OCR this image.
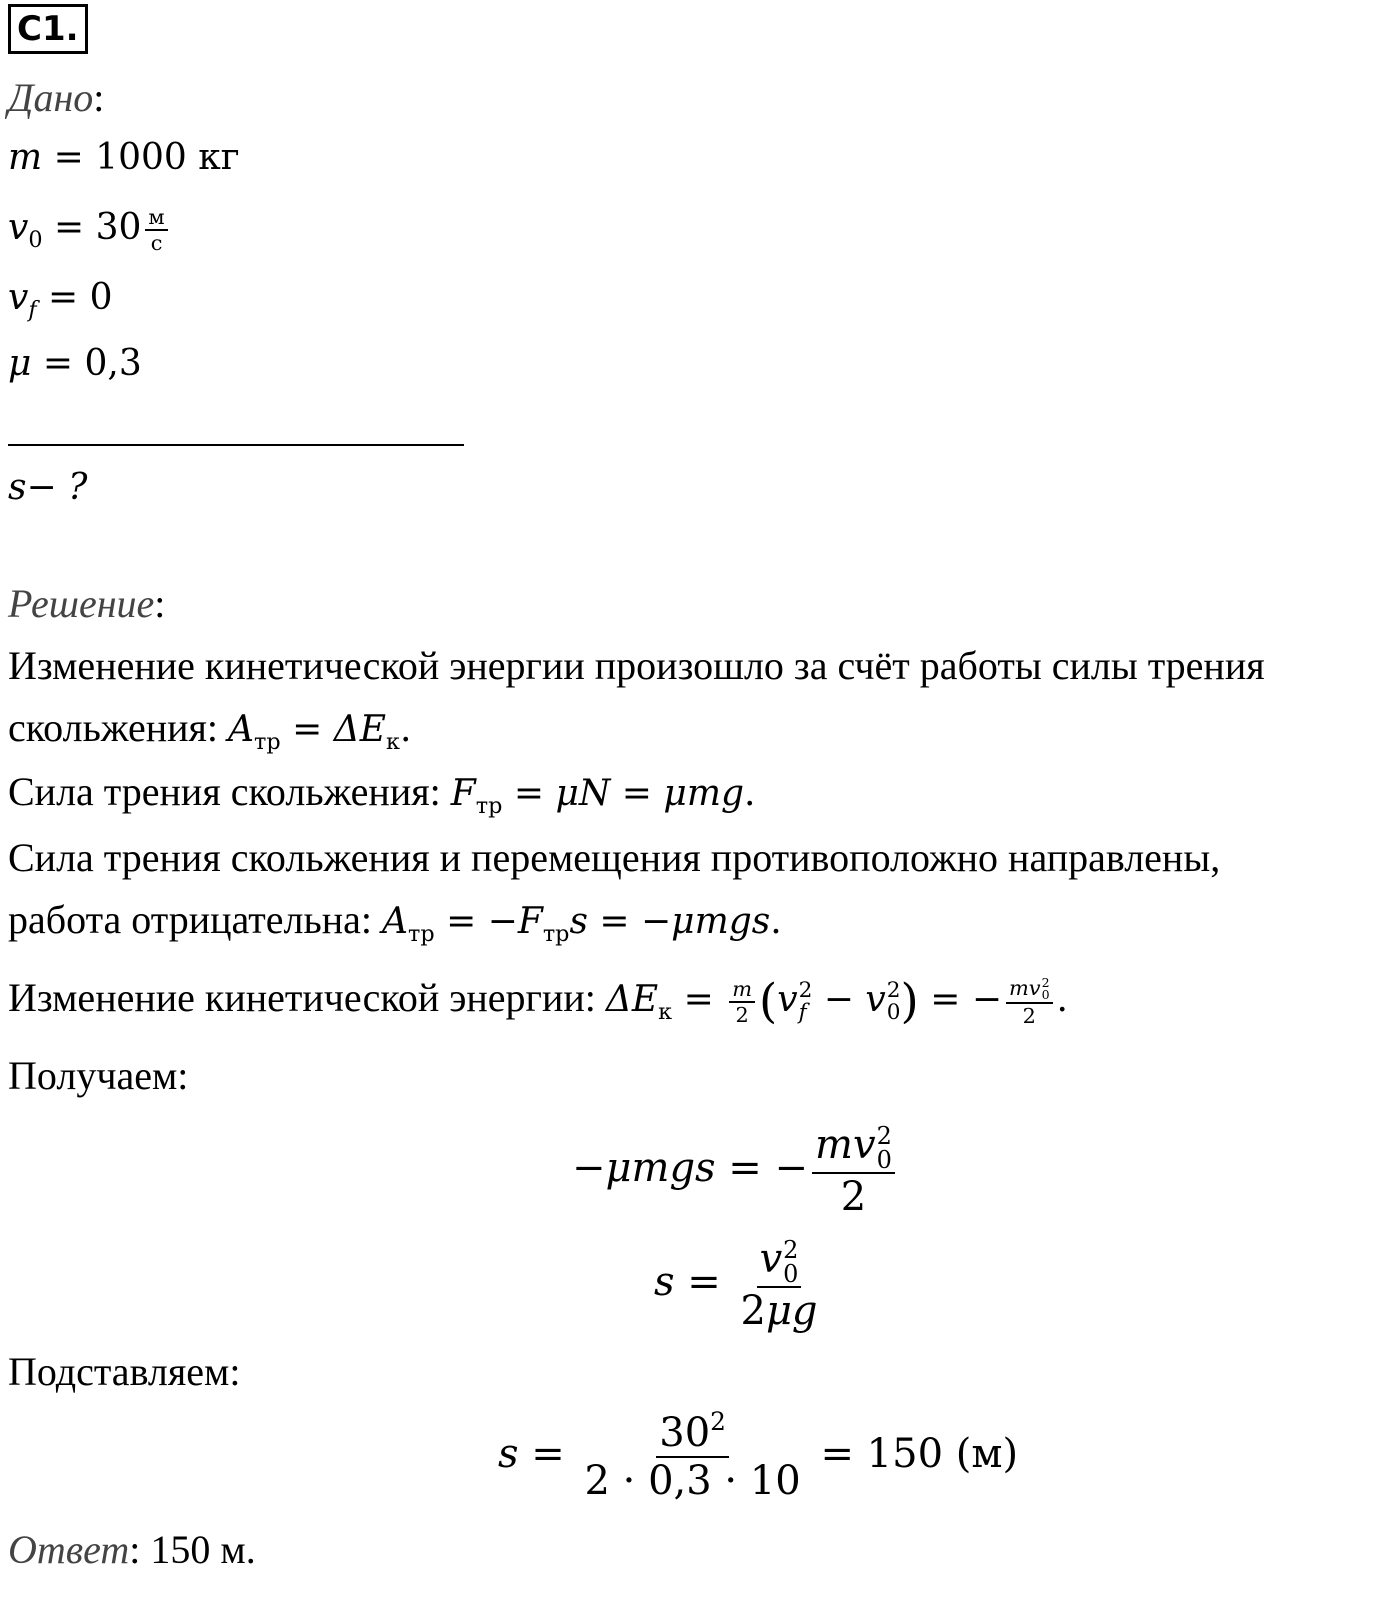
C1.
Дано:
m = 1000 кг
$v_0 = 30 \frac{м}{с}$
$v_f = 0$
μ = 0,3
s− ?
Решение:
Изменение кинетической энергии произошло за счёт работы силы трения
скольжения: $A_{тр} = \Delta E_к$.
Сила трения скольжения: $F_{тр} = \mu N = \mu mg$.
Сила трения скольжения и перемещения противоположно направлены,
работа отрицательна: $A_{тр} = -F_{тр}s = -\mu mgs$.
Изменение кинетической энергии: $\Delta E_к = \frac{m}{2} (v$ 2
f − v 2
0 ) = − mv 2
0
2 .
Получаем:
−μmgs = − mv 2
0
2
s = v 2
0
2μg
Подставляем:
$s = \frac{30^2}{2 \cdot 0,3 \cdot 10} = 150$ (м)
Ответ: 150 м.
